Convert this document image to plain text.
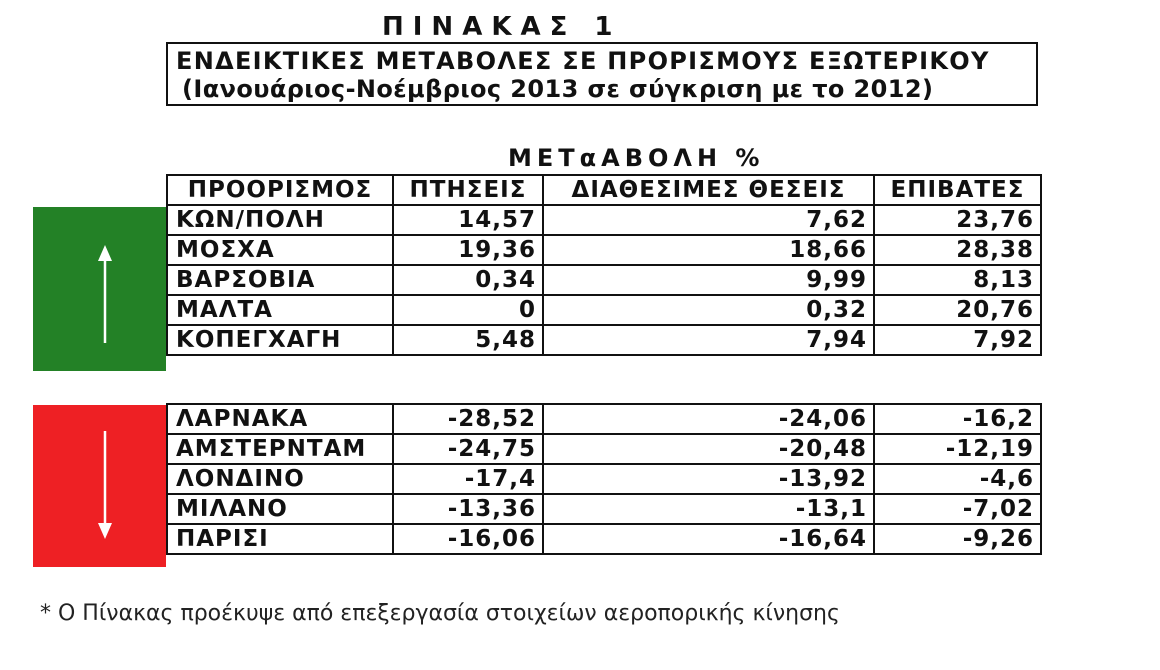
ΠΙΝΑΚΑΣ 1
ΕΝΔΕΙΚΤΙΚΕΣ ΜΕΤΑΒΟΛΕΣ ΣΕ ΠΡΟΡΙΣΜΟΥΣ ΕΞΩΤΕΡΙΚΟΥ
(Ιανουάριος-Νοέμβριος 2013 σε σύγκριση με το 2012)
ΜΕΤαΑΒΟΛΗ %
ΠΡΟΟΡΙΣΜΟΣ	ΠΤΗΣΕΙΣ	ΔΙΑΘΕΣΙΜΕΣ ΘΕΣΕΙΣ	ΕΠΙΒΑΤΕΣ
ΚΩΝ/ΠΟΛΗ	14,57	7,62	23,76
ΜΟΣΧΑ	19,36	18,66	28,38
ΒΑΡΣΟΒΙΑ	0,34	9,99	8,13
ΜΑΛΤΑ	0	0,32	20,76
ΚΟΠΕΓΧΑΓΗ	5,48	7,94	7,92
ΛΑΡΝΑΚΑ	-28,52	-24,06	-16,2
ΑΜΣΤΕΡΝΤΑΜ	-24,75	-20,48	-12,19
ΛΟΝΔΙΝΟ	-17,4	-13,92	-4,6
ΜΙΛΑΝΟ	-13,36	-13,1	-7,02
ΠΑΡΙΣΙ	-16,06	-16,64	-9,26
* Ο Πίνακας προέκυψε από επεξεργασία στοιχείων αεροπορικής κίνησης
